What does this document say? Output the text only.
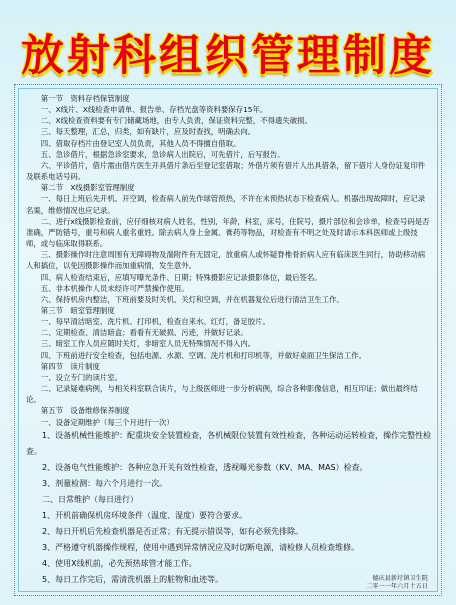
放射科组织管理制度

第一节　资料存档保管制度

一、X线片、X线检查申请单、报告单、存档光盘等资料要保存15年。

二、X线检查资料要有专门储藏场地，由专人负责，保证资料完整，不得遗失破损。

三、每天整理，汇总，归类，如有缺片，应及时查找，明确去向。

四、借取存档片由登记室人员负责，其他人员不得擅自借取。

五、急诊借片，根据急诊室要求，急诊病人出院后，可先借片，后写报告。

六、平诊借片，借片需由借片医生开具借片条后至登记室借取；外借片须有借片人出具借条，留下借片人身份证复印件及联系电话号码。

第二节　X线摄影室管理制度

一、每日上班后先开机、开空调，检查病人前先作球管预热，不许在未预热状态下检查病人。机器出现故障时，应记录名案，维修情况也应记录。

二、进行x线摄影检查前，应仔细核对病人姓名，性别，年龄，科室，床号，住院号，摄片部位和会诊单，检查号码是否准确，严防错号，重号和病人重名重姓。除去病人身上金属、膏药等物品，对检查有不明之处及时请示本科医师或上级技师，或与临床取得联系。

三、摄影操作时注意周围有无障碍物及湍附件有无固定，放重病人或怀疑脊椎骨折病人应有临床医生同行，协助移动病人和搞位，以免因摄影操作而加重病情，发生意外。

四、病人检查结束后，应填写曝光条件、日期；特殊摄影应记录摄影体位，最后签名。

五、非本机操作人员未经许可严禁操作使用。

六、保持机房内整洁，下班前要及时关机、关灯和空调，并在机器复位后进行清洁卫生工作。

第三节　暗室管理制度

一、每早清洁暗室、洗片机、打印机，检查自来水、红灯，备足胶片。

二、定期检查、清洁暗盒；看看有无破损、污迹，并做好记录。

三、暗室工作人员应随时关灯，非暗室人员无特殊情况不得入内。

四、下班前进行安全检查，包括电源、水源、空调、洗片机和打印机等，并做好桌面卫生保洁工作。

第四节　读片制度

一、设立专门的读片室。

二、记录疑难病例，与相关科室联合读片，与上级医师进一步分析病例，综合各种影像信息，相互印证；做出最终结论。

第五节　设备维修保养制度

一、设备定期维护（每三个月进行一次）

1、设备机械性能维护：配重块安全装置检查，各机械限位装置有效性检查，各种运动运转检查，操作完整性检查。

2、设备电气性能维护：各种应急开关有效性检查，透视曝光参数（KV、MA、MAS）检查。

3、剂量检测：每六个月进行一次。

二、日常维护（每日进行）

1、开机前确保机房环境条件（温度、湿度）要符合要求。

2、每日开机后先检查机器是否正常；有无提示错误等，如有必须先排除。

3、严格遵守机器操作规程，使用中遇到异常情况应及时切断电源，请检修人员检查维修。

4、使用X线机前，必先预热球管才能工作。

5、每日工作完后，需清洗机器上的脏物和血迹等。	德庆县新圩镇卫生院
二零一一年六月十五日
